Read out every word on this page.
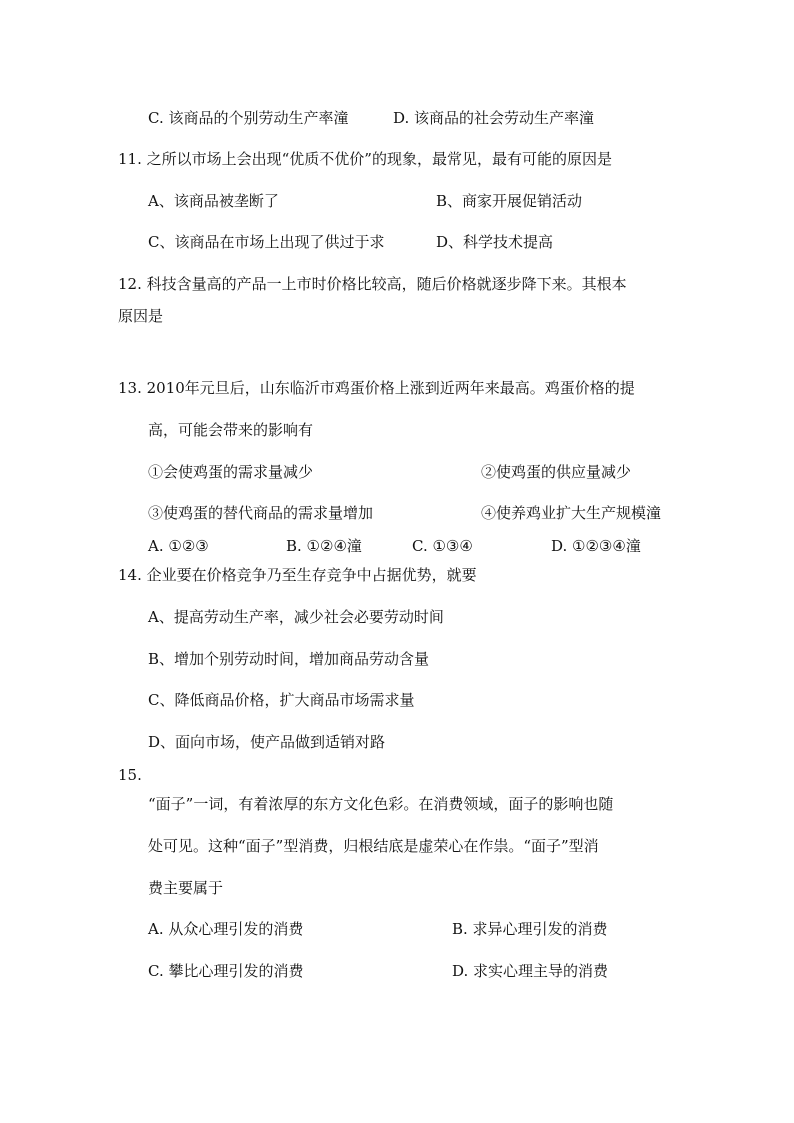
C. 该商品的个别劳动生产率潼	D. 该商品的社会劳动生产率潼
11. 之所以市场上会出现“优质不优价”的现象，最常见，最有可能的原因是
A、该商品被垄断了	B、商家开展促销活动
C、该商品在市场上出现了供过于求	D、科学技术提高
12. 科技含量高的产品一上市时价格比较高，随后价格就逐步降下来。其根本
原因是
13. 2010年元旦后，山东临沂市鸡蛋价格上涨到近两年来最高。鸡蛋价格的提
高，可能会带来的影响有
①会使鸡蛋的需求量减少	②使鸡蛋的供应量减少
③使鸡蛋的替代商品的需求量增加	④使养鸡业扩大生产规模潼
A. ①②③	B. ①②④潼	C. ①③④	D. ①②③④潼
14. 企业要在价格竞争乃至生存竞争中占据优势，就要
A、提高劳动生产率，减少社会必要劳动时间
B、增加个别劳动时间，增加商品劳动含量
C、降低商品价格，扩大商品市场需求量
D、面向市场，使产品做到适销对路
15.
“面子”一词，有着浓厚的东方文化色彩。在消费领域，面子的影响也随
处可见。这种“面子”型消费，归根结底是虚荣心在作祟。“面子”型消
费主要属于
A. 从众心理引发的消费	B. 求异心理引发的消费
C. 攀比心理引发的消费	D. 求实心理主导的消费
